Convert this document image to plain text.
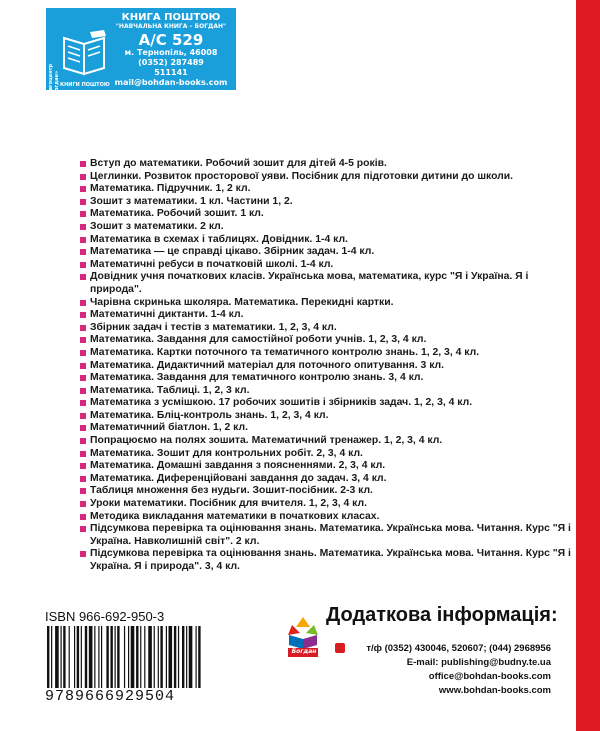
Книгоцентр «Богдан» КНИГИ ПОШТОЮ
КНИГА ПОШТОЮ
"НАВЧАЛЬНА КНИГА – БОГДАН"
А/С 529
м. Тернопіль, 46008
(0352) 287489
511141
mail@bohdan-books.com
Вступ до математики. Робочий зошит для дітей 4-5 років.
Цеглинки. Розвиток просторової уяви. Посібник для підготовки дитини до школи.
Математика. Підручник. 1, 2 кл.
Зошит з математики. 1 кл. Частини 1, 2.
Математика. Робочий зошит. 1 кл.
Зошит з математики. 2 кл.
Математика в схемах і таблицях. Довідник. 1-4 кл.
Математика — це справді цікаво. Збірник задач. 1-4 кл.
Математичні ребуси в початковій школі. 1-4 кл.
Довідник учня початкових класів. Українська мова, математика, курс "Я і Україна. Я і природа".
Чарівна скринька школяра. Математика. Перекидні картки.
Математичні диктанти. 1-4 кл.
Збірник задач і тестів з математики. 1, 2, 3, 4 кл.
Математика. Завдання для самостійної роботи учнів. 1, 2, 3, 4 кл.
Математика. Картки поточного та тематичного контролю знань. 1, 2, 3, 4 кл.
Математика. Дидактичний матеріал для поточного опитування. 3 кл.
Математика. Завдання для тематичного контролю знань. 3, 4 кл.
Математика. Таблиці. 1, 2, 3 кл.
Математика з усмішкою. 17 робочих зошитів і збірників задач. 1, 2, 3, 4 кл.
Математика. Бліц-контроль знань. 1, 2, 3, 4 кл.
Математичний біатлон. 1, 2 кл.
Попрацюємо на полях зошита. Математичний тренажер. 1, 2, 3, 4 кл.
Математика. Зошит для контрольних робіт. 2, 3, 4 кл.
Математика. Домашні завдання з поясненнями. 2, 3, 4 кл.
Математика. Диференційовані завдання до задач. 3, 4 кл.
Таблиця множення без нудьги. Зошит-посібник. 2-3 кл.
Уроки математики. Посібник для вчителя. 1, 2, 3, 4 кл.
Методика викладання математики в початкових класах.
Підсумкова перевірка та оцінювання знань. Математика. Українська мова. Читання. Курс "Я і Україна. Навколишній світ". 2 кл.
Підсумкова перевірка та оцінювання знань. Математика. Українська мова. Читання. Курс "Я і Україна. Я і природа". 3, 4 кл.
ISBN 966-692-950-3
9789666929504
Богдан
Додаткова інформація:
т/ф (0352) 430046, 520607; (044) 2968956
E-mail: publishing@budny.te.ua
office@bohdan-books.com
www.bohdan-books.com
